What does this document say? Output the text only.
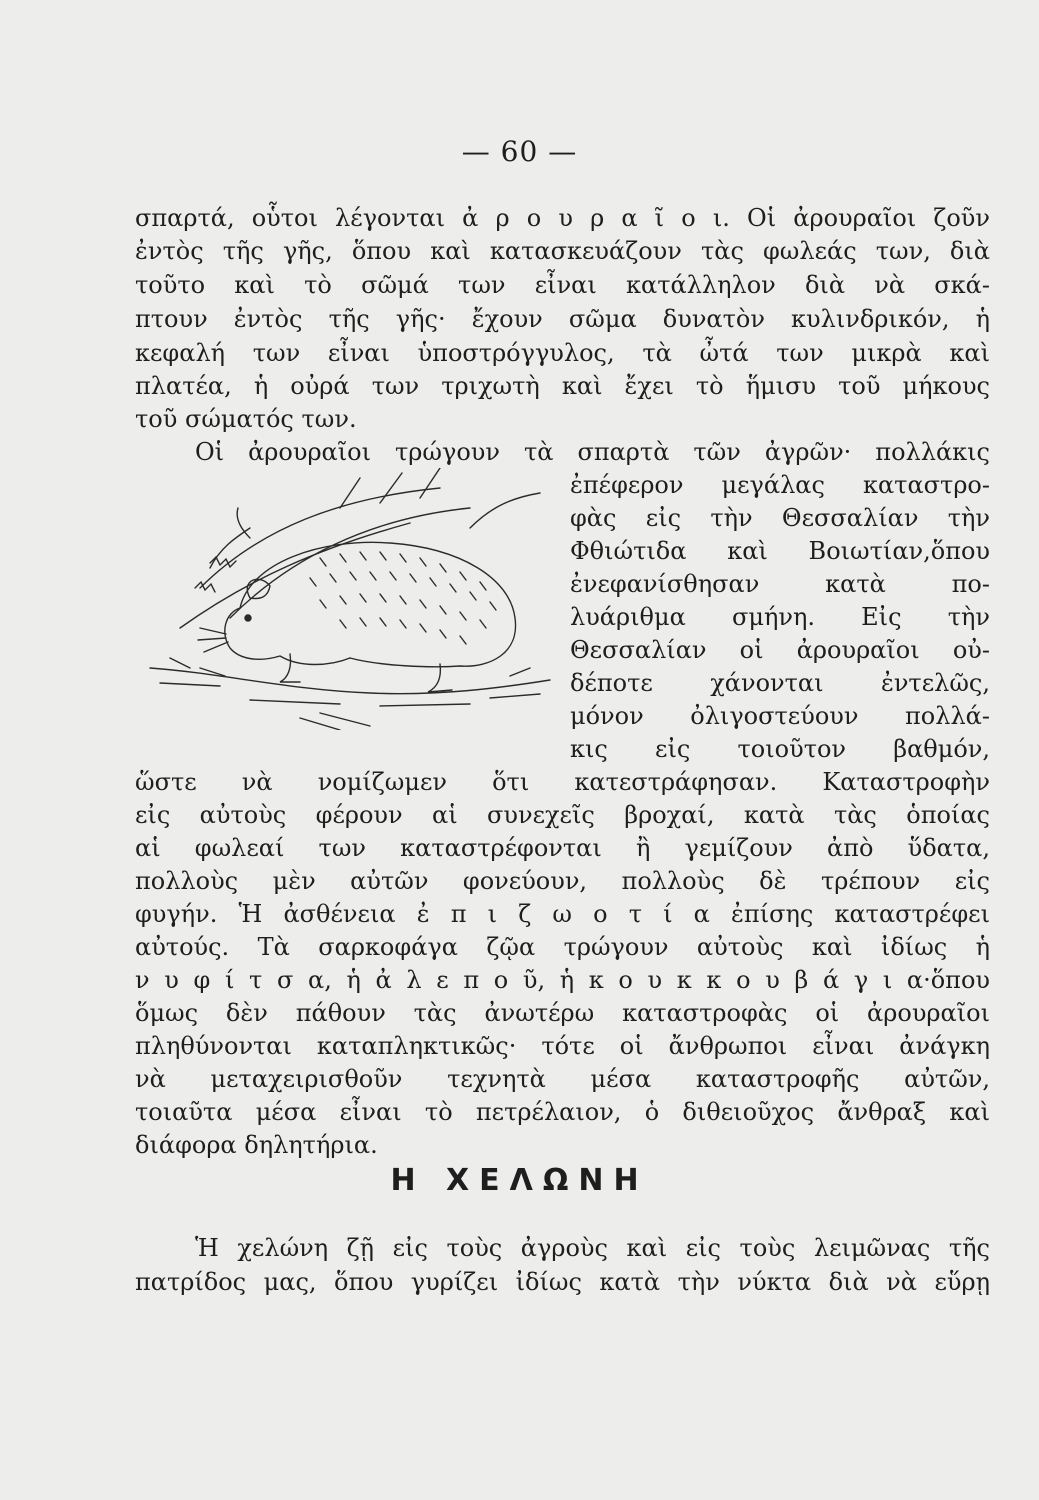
— 60 —
σπαρτά, οὗτοι λέγονται ἀ ρ ο υ ρ α ῖ ο ι. Οἱ ἀρουραῖοι ζοῦν
ἐντὸς τῆς γῆς, ὅπου καὶ κατασκευάζουν τὰς φωλεάς των, διὰ
τοῦτο καὶ τὸ σῶμά των εἶναι κατάλληλον διὰ νὰ σκά-
πτουν ἐντὸς τῆς γῆς· ἔχουν σῶμα δυνατὸν κυλινδρικόν, ἡ
κεφαλή των εἶναι ὑποστρόγγυλος, τὰ ὦτά των μικρὰ καὶ
πλατέα, ἡ οὐρά των τριχωτὴ καὶ ἔχει τὸ ἥμισυ τοῦ μήκους
τοῦ σώματός των.
Οἱ ἀρουραῖοι τρώγουν τὰ σπαρτὰ τῶν ἀγρῶν· πολλάκις
ἐπέφερον μεγάλας καταστρο-
φὰς εἰς τὴν Θεσσαλίαν τὴν
Φθιώτιδα καὶ Βοιωτίαν,ὅπου
ἐνεφανίσθησαν κατὰ πο-
λυάριθμα σμήνη. Εἰς τὴν
Θεσσαλίαν οἱ ἀρουραῖοι οὐ-
δέποτε χάνονται ἐντελῶς,
μόνον ὀλιγοστεύουν πολλά-
κις εἰς τοιοῦτον βαθμόν,
ὥστε νὰ νομίζωμεν ὅτι κατεστράφησαν. Καταστροφὴν
εἰς αὐτοὺς φέρουν αἱ συνεχεῖς βροχαί, κατὰ τὰς ὁποίας
αἱ φωλεαί των καταστρέφονται ἢ γεμίζουν ἀπὸ ὕδατα,
πολλοὺς μὲν αὐτῶν φονεύουν, πολλοὺς δὲ τρέπουν εἰς
φυγήν. Ἡ ἀσθένεια ἐ π ι ζ ω ο τ ί α ἐπίσης καταστρέφει
αὐτούς. Τὰ σαρκοφάγα ζῷα τρώγουν αὐτοὺς καὶ ἰδίως ἡ
ν υ φ ί τ σ α, ἡ ἀ λ ε π ο ῦ, ἡ κ ο υ κ κ ο υ β ά γ ι α·ὅπου
ὅμως δὲν πάθουν τὰς ἀνωτέρω καταστροφὰς οἱ ἀρουραῖοι
πληθύνονται καταπληκτικῶς· τότε οἱ ἄνθρωποι εἶναι ἀνάγκη
νὰ μεταχειρισθοῦν τεχνητὰ μέσα καταστροφῆς αὐτῶν,
τοιαῦτα μέσα εἶναι τὸ πετρέλαιον, ὁ διθειοῦχος ἄνθραξ καὶ
διάφορα δηλητήρια.
Η ΧΕΛΩΝΗ
Ἡ χελώνη ζῇ εἰς τοὺς ἀγροὺς καὶ εἰς τοὺς λειμῶνας τῆς
πατρίδος μας, ὅπου γυρίζει ἰδίως κατὰ τὴν νύκτα διὰ νὰ εὕρῃ
